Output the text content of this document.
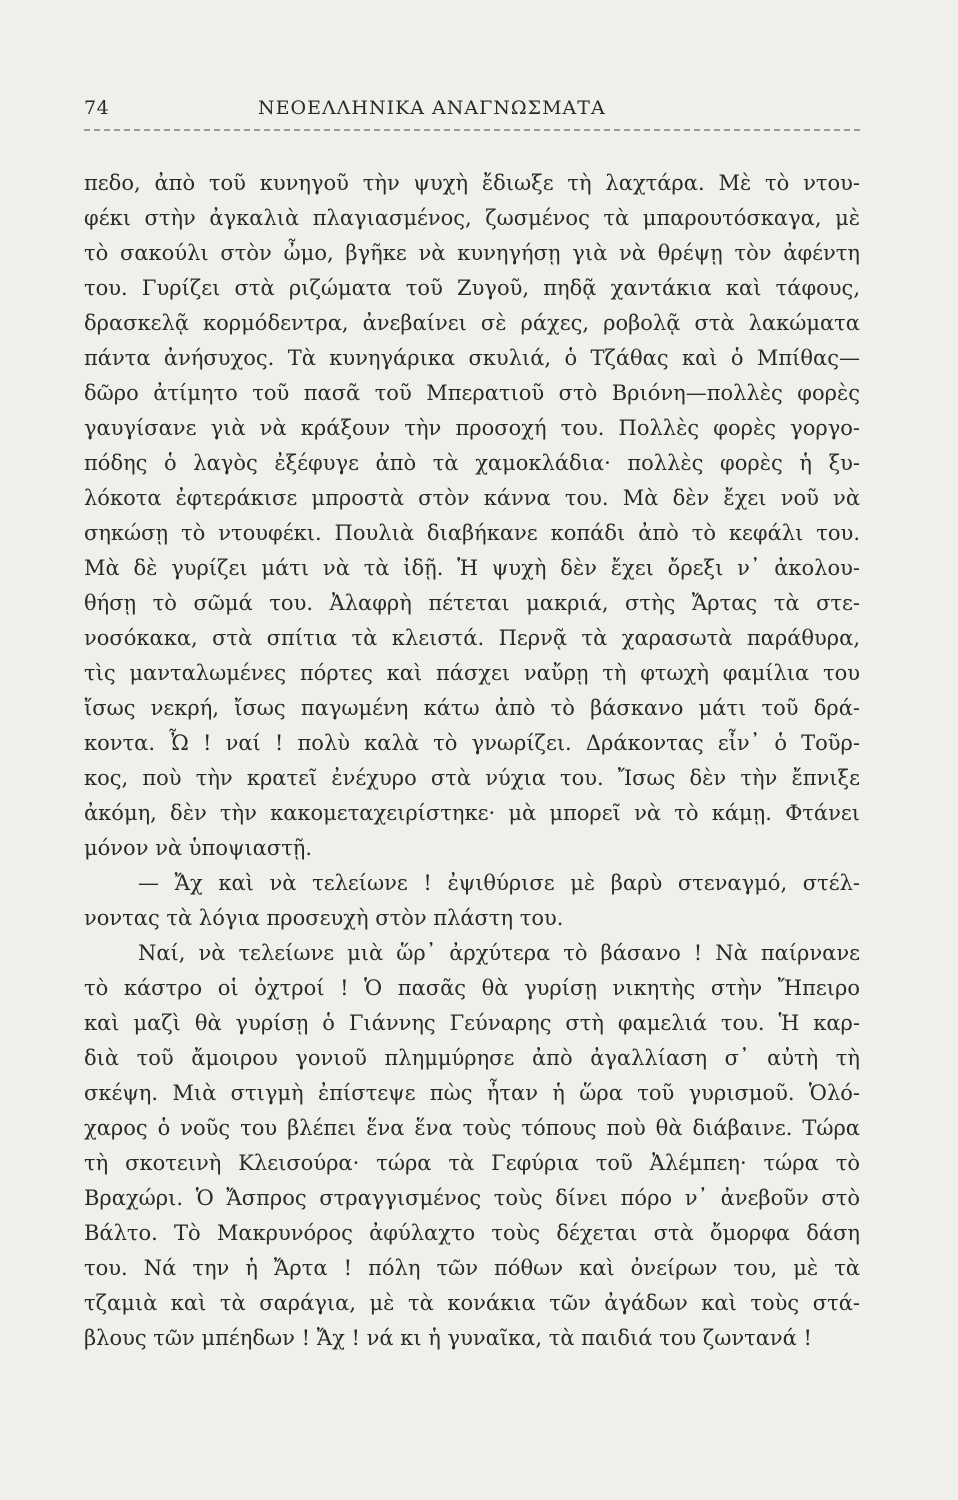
74	ΝΕΟΕΛΛΗΝΙΚΑ ΑΝΑΓΝΩΣΜΑΤΑ
πεδο, ἀπὸ τοῦ κυνηγοῦ τὴν ψυχὴ ἔδιωξε τὴ λαχτάρα. Μὲ τὸ ντου-
φέκι στὴν ἀγκαλιὰ πλαγιασμένος, ζωσμένος τὰ μπαρουτόσκαγα, μὲ
τὸ σακούλι στὸν ὦμο, βγῆκε νὰ κυνηγήσῃ γιὰ νὰ θρέψῃ τὸν ἀφέντη
του. Γυρίζει στὰ ριζώματα τοῦ Ζυγοῦ, πηδᾷ χαντάκια καὶ τάφους,
δρασκελᾷ κορμόδεντρα, ἀνεβαίνει σὲ ράχες, ροβολᾷ στὰ λακώματα
πάντα ἀνήσυχος. Τὰ κυνηγάρικα σκυλιά, ὁ Τζάθας καὶ ὁ Μπίθας—
δῶρο ἀτίμητο τοῦ πασᾶ τοῦ Μπερατιοῦ στὸ Βριόνη—πολλὲς φορὲς
γαυγίσανε γιὰ νὰ κράξουν τὴν προσοχή του. Πολλὲς φορὲς γοργο-
πόδης ὁ λαγὸς ἐξέφυγε ἀπὸ τὰ χαμοκλάδια· πολλὲς φορὲς ἡ ξυ-
λόκοτα ἐφτεράκισε μπροστὰ στὸν κάννα του. Μὰ δὲν ἔχει νοῦ νὰ
σηκώσῃ τὸ ντουφέκι. Πουλιὰ διαβήκανε κοπάδι ἀπὸ τὸ κεφάλι του.
Μὰ δὲ γυρίζει μάτι νὰ τὰ ἰδῇ. Ἡ ψυχὴ δὲν ἔχει ὄρεξι ν᾽ ἀκολου-
θήσῃ τὸ σῶμά του. Ἀλαφρὴ πέτεται μακριά, στὴς Ἄρτας τὰ στε-
νοσόκακα, στὰ σπίτια τὰ κλειστά. Περνᾷ τὰ χαρασωτὰ παράθυρα,
τὶς μανταλωμένες πόρτες καὶ πάσχει ναὔρῃ τὴ φτωχὴ φαμίλια του
ἴσως νεκρή, ἴσως παγωμένη κάτω ἀπὸ τὸ βάσκανο μάτι τοῦ δρά-
κοντα. Ὦ ! ναί ! πολὺ καλὰ τὸ γνωρίζει. Δράκοντας εἶν᾽ ὁ Τοῦρ-
κος, ποὺ τὴν κρατεῖ ἐνέχυρο στὰ νύχια του. Ἴσως δὲν τὴν ἔπνιξε
ἀκόμη, δὲν τὴν κακομεταχειρίστηκε· μὰ μπορεῖ νὰ τὸ κάμῃ. Φτάνει
μόνον νὰ ὑποψιαστῇ.
— Ἄχ καὶ νὰ τελείωνε ! ἐψιθύρισε μὲ βαρὺ στεναγμό, στέλ-
νοντας τὰ λόγια προσευχὴ στὸν πλάστη του.
Ναί, νὰ τελείωνε μιὰ ὥρ᾽ ἀρχύτερα τὸ βάσανο ! Νὰ παίρνανε
τὸ κάστρο οἱ ὀχτροί ! Ὁ πασᾶς θὰ γυρίσῃ νικητὴς στὴν Ἤπειρο
καὶ μαζὶ θὰ γυρίσῃ ὁ Γιάννης Γεύναρης στὴ φαμελιά του. Ἡ καρ-
διὰ τοῦ ἄμοιρου γονιοῦ πλημμύρησε ἀπὸ ἀγαλλίαση σ᾽ αὐτὴ τὴ
σκέψη. Μιὰ στιγμὴ ἐπίστεψε πὼς ἦταν ἡ ὥρα τοῦ γυρισμοῦ. Ὁλό-
χαρος ὁ νοῦς του βλέπει ἕνα ἕνα τοὺς τόπους ποὺ θὰ διάβαινε. Τώρα
τὴ σκοτεινὴ Κλεισούρα· τώρα τὰ Γεφύρια τοῦ Ἀλέμπεη· τώρα τὸ
Βραχώρι. Ὁ Ἄσπρος στραγγισμένος τοὺς δίνει πόρο ν᾽ ἀνεβοῦν στὸ
Βάλτο. Τὸ Μακρυνόρος ἀφύλαχτο τοὺς δέχεται στὰ ὄμορφα δάση
του. Νά την ἡ Ἄρτα ! πόλη τῶν πόθων καὶ ὀνείρων του, μὲ τὰ
τζαμιὰ καὶ τὰ σαράγια, μὲ τὰ κονάκια τῶν ἀγάδων καὶ τοὺς στά-
βλους τῶν μπέηδων ! Ἄχ ! νά κι ἡ γυναῖκα, τὰ παιδιά του ζωντανά !
